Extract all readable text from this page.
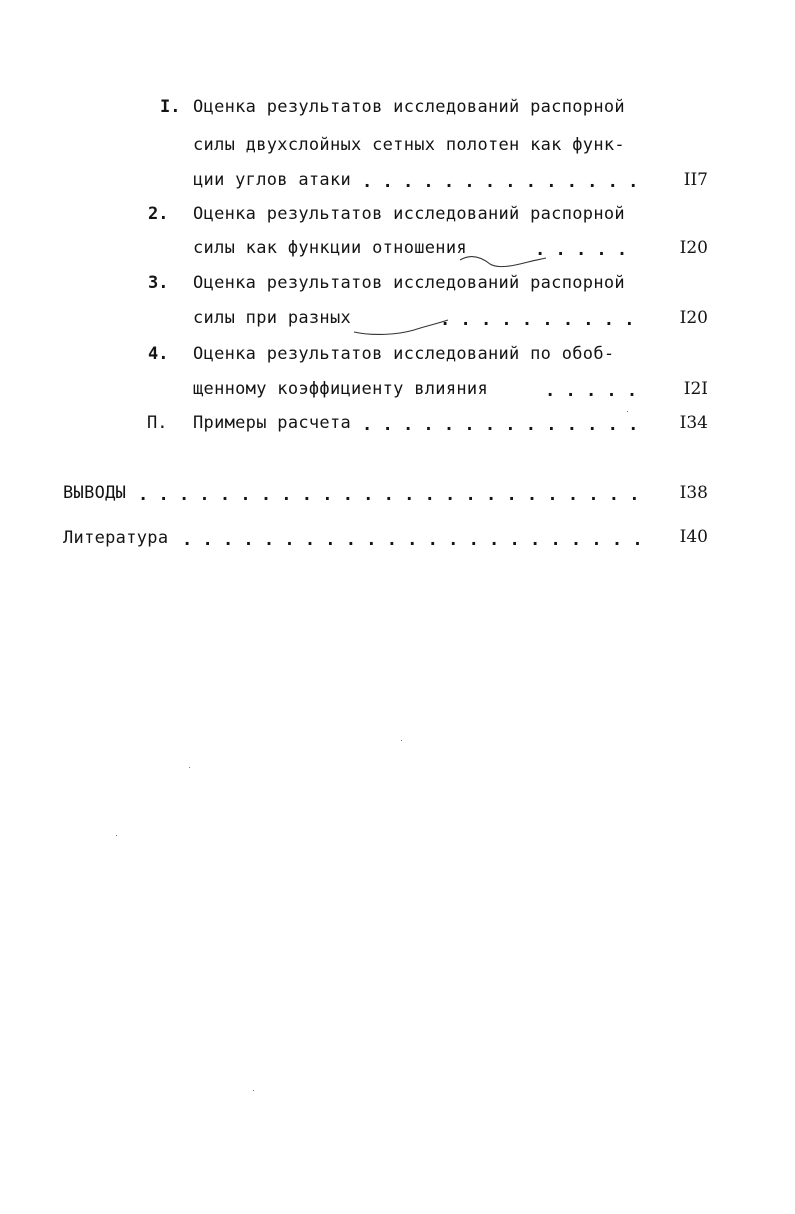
I. Оценка результатов исследований распорной
силы двухслойных сетных полотен как функ-
ции углов атаки . . .	II7
2. Оценка результатов исследований распорной
силы как функции отношения . . .	I20
3. Оценка результатов исследований распорной
силы при разных . . .	I20
4. Оценка результатов исследований по обоб-
щенному коэффициенту влияния . . .	I2I
П. Примеры расчета . . .	I34
ВЫВОДЫ . . .	I38
Литература . . .	I40
